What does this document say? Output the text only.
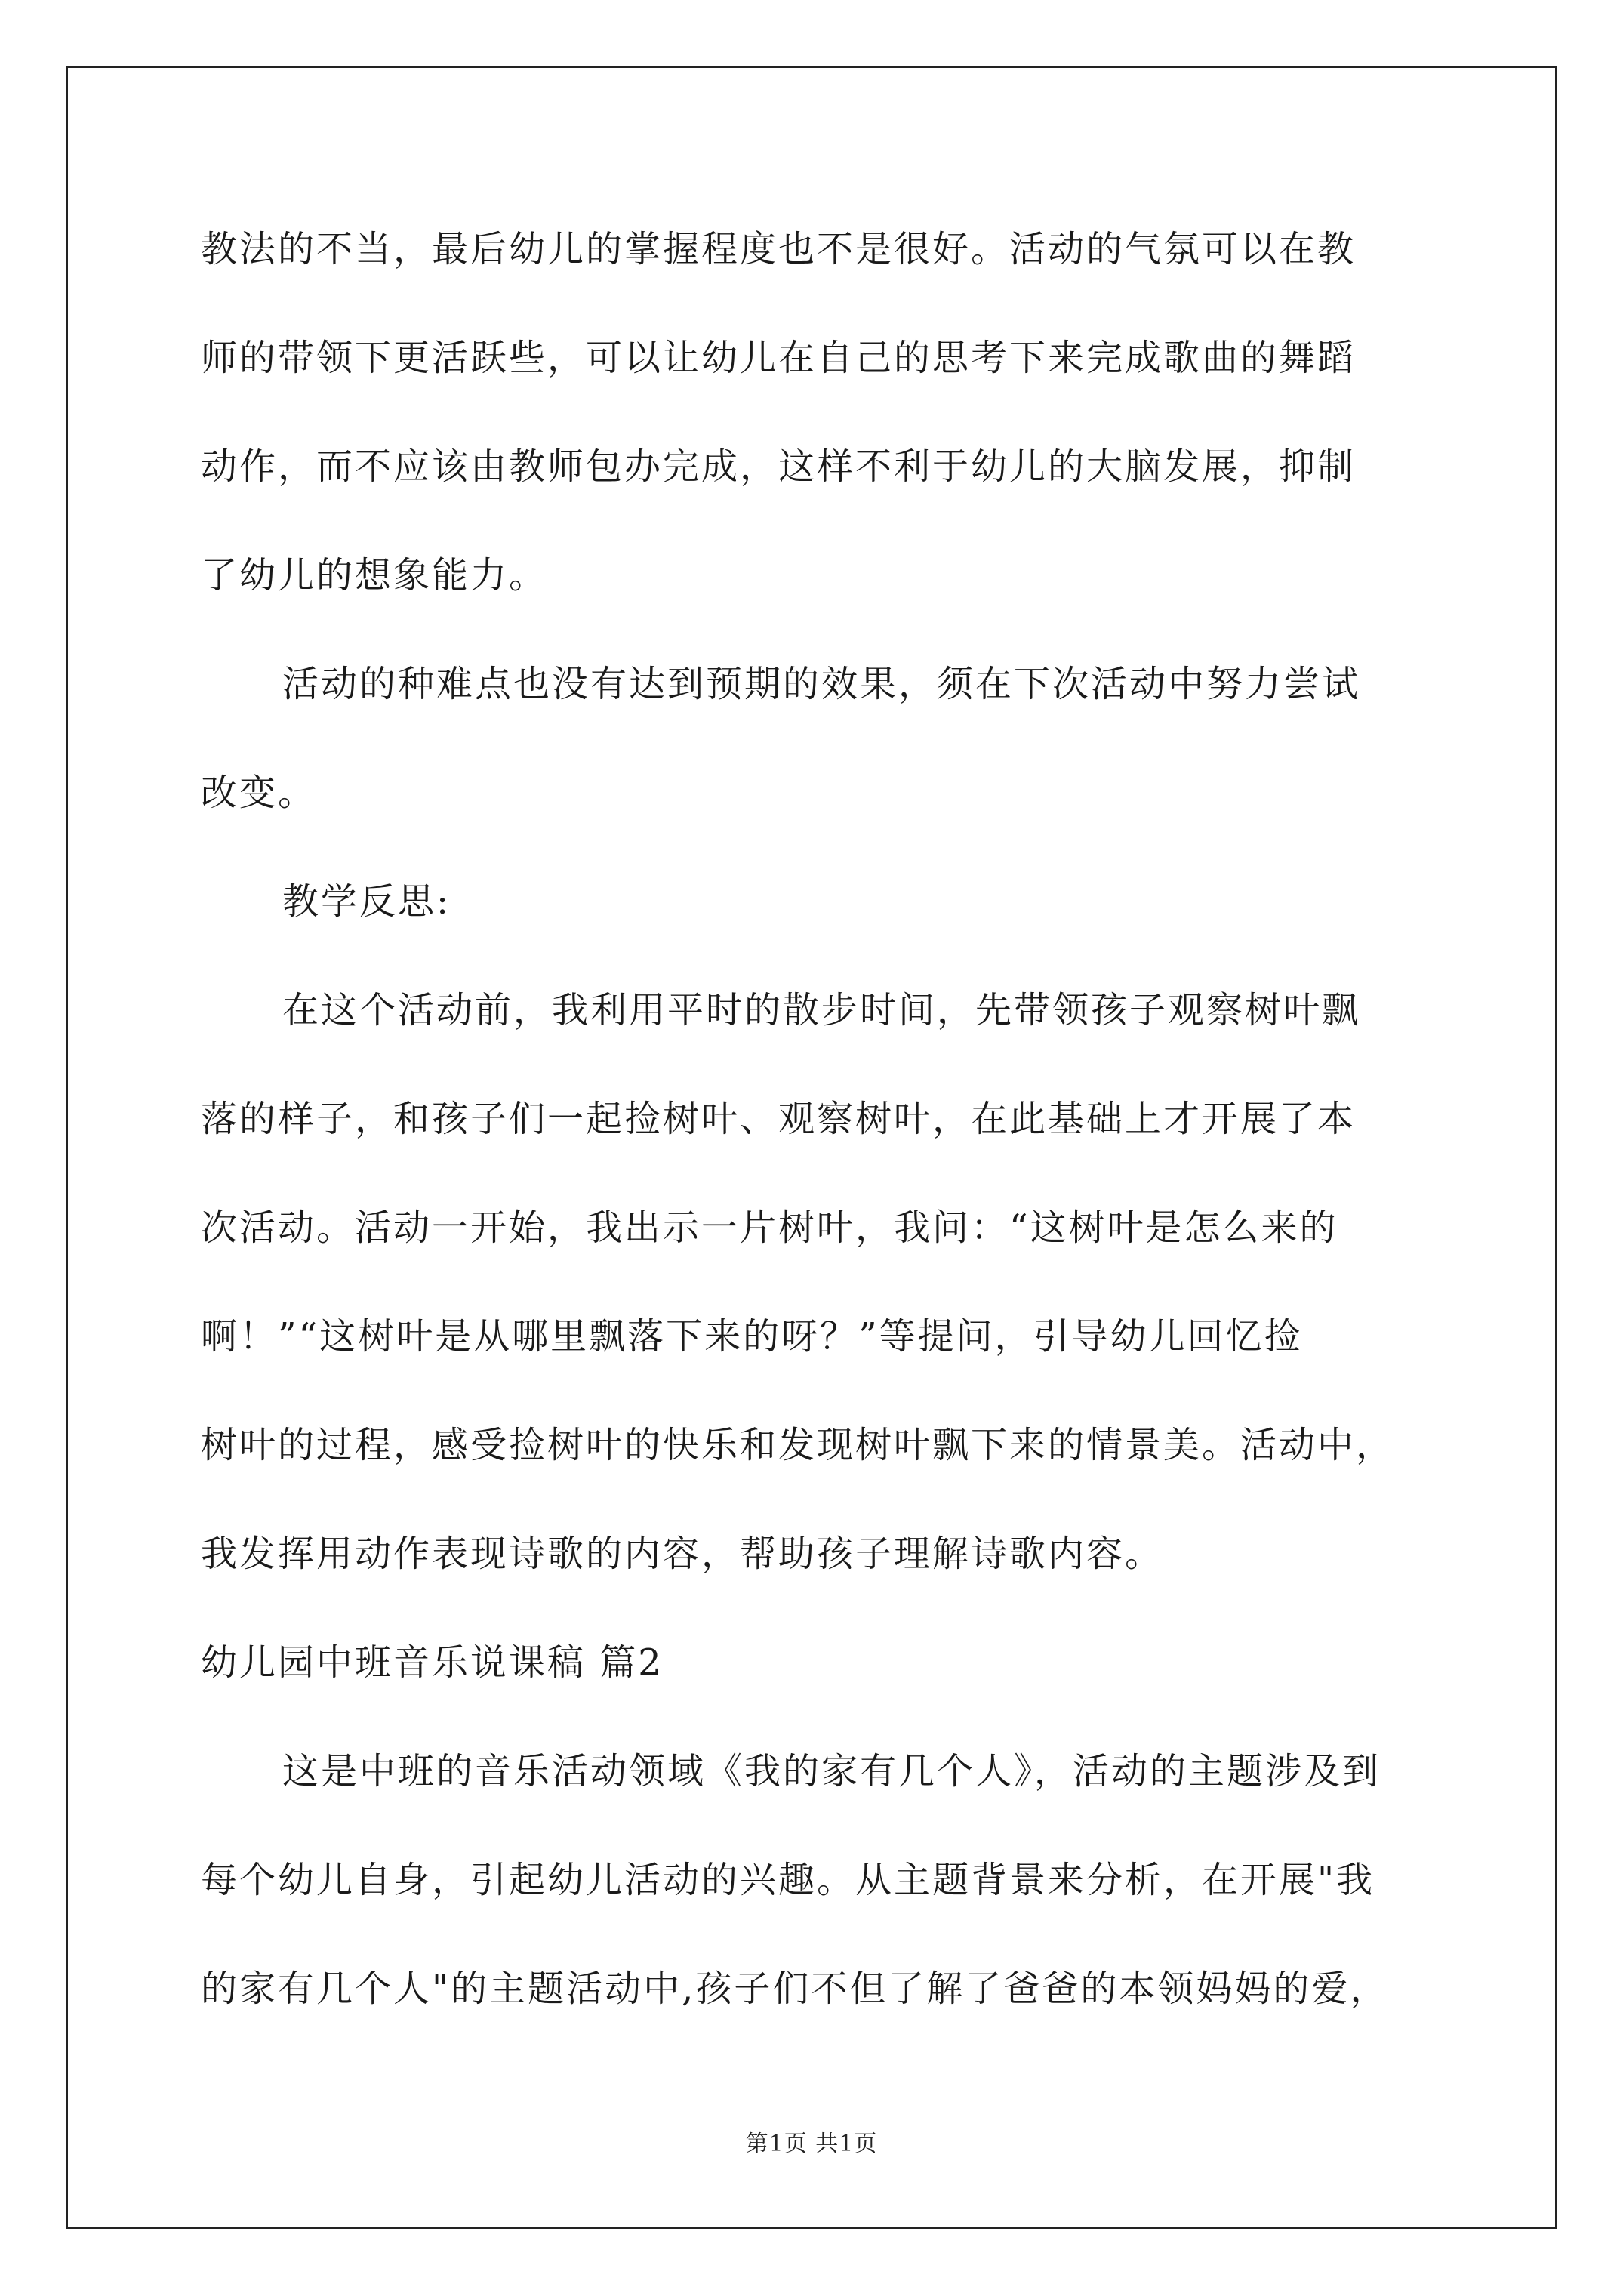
教法的不当，最后幼儿的掌握程度也不是很好。活动的气氛可以在教
师的带领下更活跃些，可以让幼儿在自己的思考下来完成歌曲的舞蹈
动作，而不应该由教师包办完成，这样不利于幼儿的大脑发展，抑制
了幼儿的想象能力。
活动的种难点也没有达到预期的效果，须在下次活动中努力尝试
改变。
教学反思:
在这个活动前，我利用平时的散步时间，先带领孩子观察树叶飘
落的样子，和孩子们一起捡树叶、观察树叶，在此基础上才开展了本
次活动。活动一开始，我出示一片树叶，我问：“这树叶是怎么来的
啊！”“这树叶是从哪里飘落下来的呀？”等提问，引导幼儿回忆捡
树叶的过程，感受捡树叶的快乐和发现树叶飘下来的情景美。活动中，
我发挥用动作表现诗歌的内容，帮助孩子理解诗歌内容。
幼儿园中班音乐说课稿 篇2
这是中班的音乐活动领域《我的家有几个人》，活动的主题涉及到
每个幼儿自身，引起幼儿活动的兴趣。从主题背景来分析，在开展"我
的家有几个人"的主题活动中,孩子们不但了解了爸爸的本领妈妈的爱，
第1页 共1页
